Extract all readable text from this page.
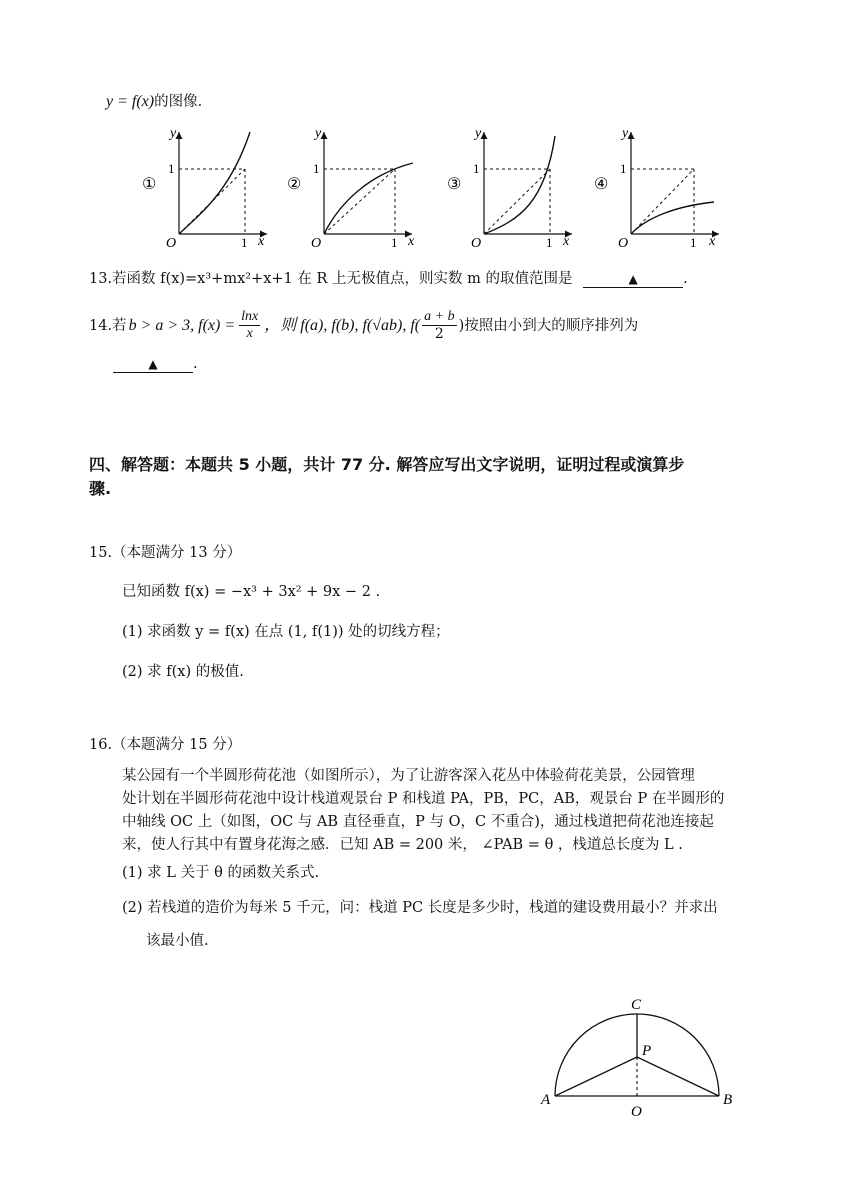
y = f(x)的图像.
①
y
1
O	1 x
②
y
1
O	1 x
③
y
1
O	1 x
④
y
1
O	1 x
13.若函数 f(x)=x³+mx²+x+1 在 R 上无极值点，则实数 m 的取值范围是	▲	.
14.若 b > a > 3, $f(x) = \frac{\ln x}{x}$ ，则 f(a), f(b), f(√ab), $f( \frac{a + b}{2}$ )按照由小到大的顺序排列为
▲ .
四、解答题：本题共 5 小题，共计 77 分. 解答应写出文字说明，证明过程或演算步
骤.
15.（本题满分 13 分）
已知函数 f(x) = −x³ + 3x² + 9x − 2 .
(1) 求函数 y = f(x) 在点 (1, f(1)) 处的切线方程；
(2) 求 f(x) 的极值.
16.（本题满分 15 分）
某公园有一个半圆形荷花池（如图所示），为了让游客深入花丛中体验荷花美景，公园管理
处计划在半圆形荷花池中设计栈道观景台 P 和栈道 PA，PB，PC，AB，观景台 P 在半圆形的
中轴线 OC 上（如图，OC 与 AB 直径垂直，P 与 O，C 不重合)，通过栈道把荷花池连接起
来，使人行其中有置身花海之感．已知 AB = 200 米， ∠PAB = θ ，栈道总长度为 L .
(1) 求 L 关于 θ 的函数关系式.
(2) 若栈道的造价为每米 5 千元，问：栈道 PC 长度是多少时，栈道的建设费用最小？并求出
该最小值.
C
P
A
O
B
